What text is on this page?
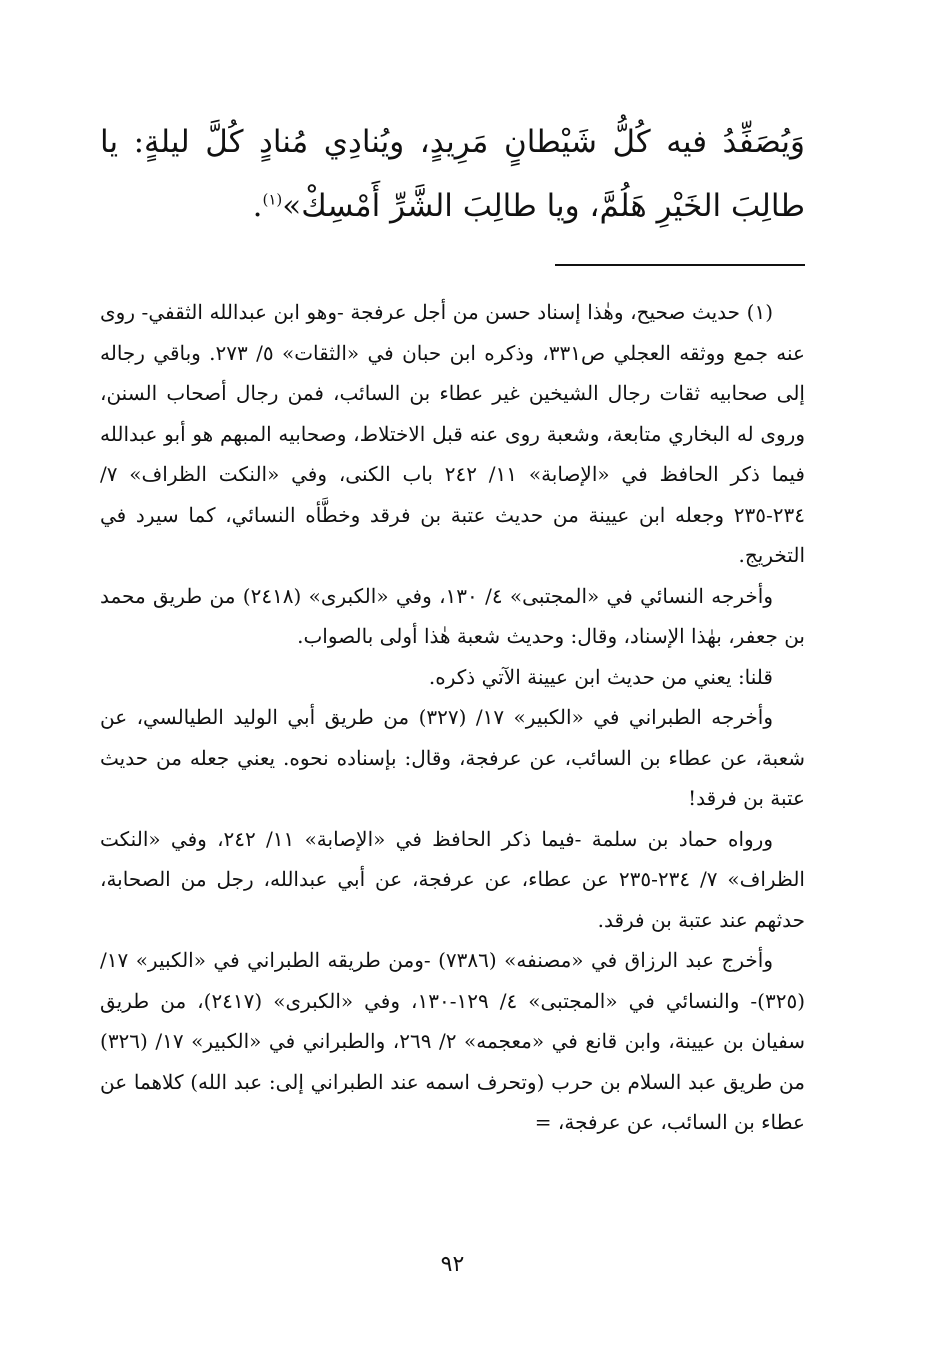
وَيُصَفِّدُ فيه كُلُّ شَيْطانٍ مَرِيدٍ، ويُنادِي مُنادٍ كُلَّ ليلةٍ: يا طالِبَ الخَيْرِ هَلُمَّ، ويا طالِبَ الشَّرِّ أَمْسِكْ»$^{(١)}$.

(١) حديث صحيح، وهٰذا إسناد حسن من أجل عرفجة -وهو ابن عبدالله الثقفي- روى عنه جمع ووثقه العجلي ص٣٣١، وذكره ابن حبان في «الثقات» ٥/ ٢٧٣. وباقي رجاله إلى صحابيه ثقات رجال الشيخين غير عطاء بن السائب، فمن رجال أصحاب السنن، وروى له البخاري متابعة، وشعبة روى عنه قبل الاختلاط، وصحابيه المبهم هو أبو عبدالله فيما ذكر الحافظ في «الإصابة» ١١/ ٢٤٢ باب الكنى، وفي «النكت الظراف» ٧/ ٢٣٤-٢٣٥ وجعله ابن عيينة من حديث عتبة بن فرقد وخطَّأه النسائي، كما سيرد في التخريج.

وأخرجه النسائي في «المجتبى» ٤/ ١٣٠، وفي «الكبرى» (٢٤١٨) من طريق محمد بن جعفر، بهٰذا الإسناد، وقال: وحديث شعبة هٰذا أولى بالصواب.

قلنا: يعني من حديث ابن عيينة الآتي ذكره.

وأخرجه الطبراني في «الكبير» ١٧/ (٣٢٧) من طريق أبي الوليد الطيالسي، عن شعبة، عن عطاء بن السائب، عن عرفجة، وقال: بإسناده نحوه. يعني جعله من حديث عتبة بن فرقد!

ورواه حماد بن سلمة -فيما ذكر الحافظ في «الإصابة» ١١/ ٢٤٢، وفي «النكت الظراف» ٧/ ٢٣٤-٢٣٥ عن عطاء، عن عرفجة، عن أبي عبدالله، رجل من الصحابة، حدثهم عند عتبة بن فرقد.

وأخرج عبد الرزاق في «مصنفه» (٧٣٨٦) -ومن طريقه الطبراني في «الكبير» ١٧/ (٣٢٥)- والنسائي في «المجتبى» ٤/ ١٢٩-١٣٠، وفي «الكبرى» (٢٤١٧)، من طريق سفيان بن عيينة، وابن قانع في «معجمه» ٢/ ٢٦٩، والطبراني في «الكبير» ١٧/ (٣٢٦) من طريق عبد السلام بن حرب (وتحرف اسمه عند الطبراني إلى: عبد الله) كلاهما عن عطاء بن السائب، عن عرفجة، =

٩٢
